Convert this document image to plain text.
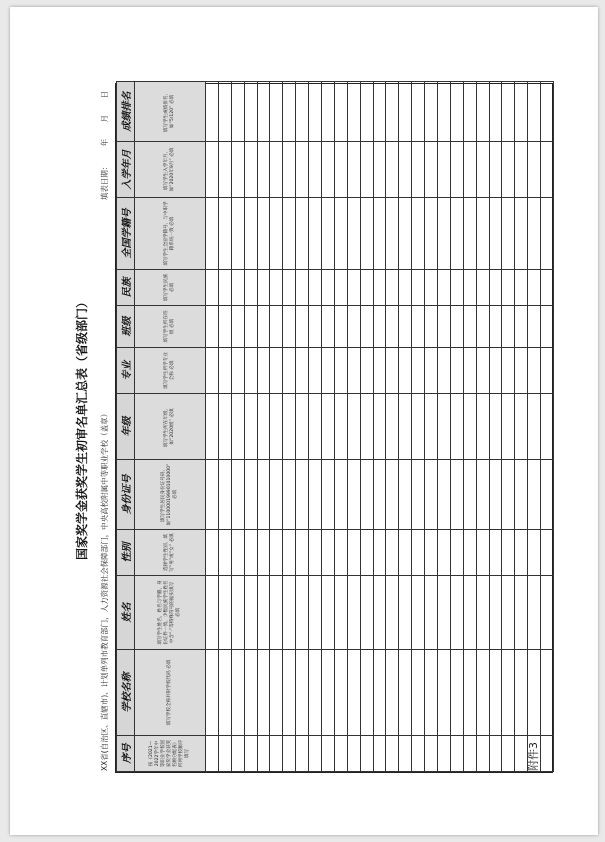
附件3
国家奖学金获奖学生初审名单汇总表（省级部门） XX省(自治区、直辖市)、计划单列市教育部门，人力资源社会保障部门，中央高校附属中等职业学校（盖章）
填表日期： 年 月 日
序号	学校名称	姓名	性别	身份证号	年级	专业	班级	民族	全国学籍号	入学年月	成绩排名

按《2021—2022学年中等职业学校国家奖学金获奖名额分配表》所列学校顺序填写	填写学校全称并附学校代码 必填	填写学生姓名，姓名与学籍、身份证件一致，少数民族学生姓名中含“·”等特殊符号的据实填写 必填	选择学生性别，填写“男”或“女” 必填	填写学生居民身份证号码，如“110000199901010000” 必填	填写学生所在年级，如“2020级” 必填	填写学生所学专业全称 必填	填写学生所在班级 必填	填写学生民族 必填	填写学生全国学籍号，与中职学籍系统一致 必填	填写学生入学年月，如“2020年9月” 必填	填写学生成绩排名，如“5/120” 必填
